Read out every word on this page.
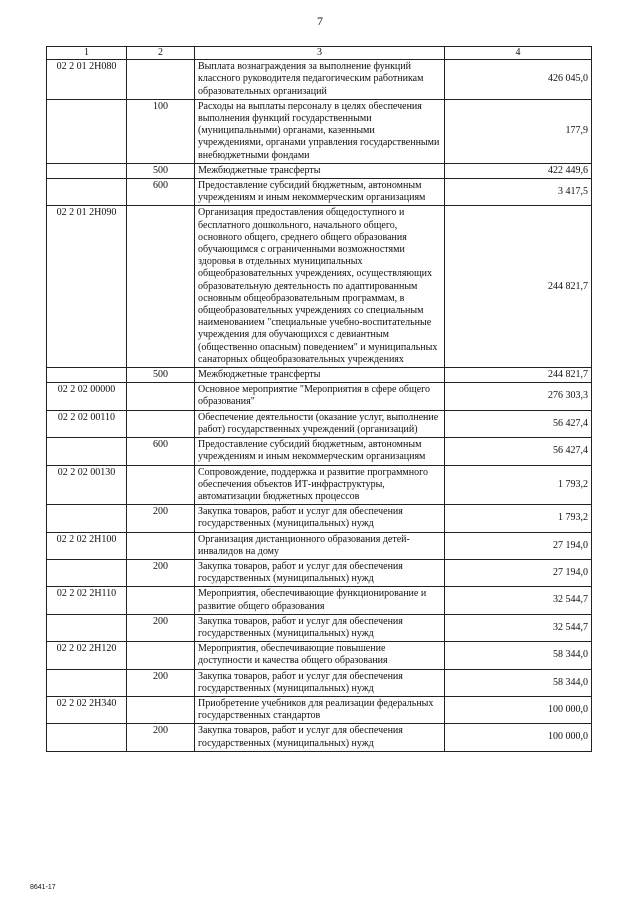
7
1	2	3	4
02 2 01 2Н080		Выплата вознаграждения за выполнение функций классного руководителя педагогическим работникам образовательных организаций	426 045,0
	100	Расходы на выплаты персоналу в целях обеспечения выполнения функций государственными (муниципальными) органами, казенными учреждениями, органами управления государственными внебюджетными фондами	177,9
	500	Межбюджетные трансферты	422 449,6
	600	Предоставление субсидий бюджетным, автономным учреждениям и иным некоммерческим организациям	3 417,5
02 2 01 2Н090		Организация предоставления общедоступного и бесплатного дошкольного, начального общего, основного общего, среднего общего образования обучающимся с ограниченными возможностями здоровья в отдельных муниципальных общеобразовательных учреждениях, осуществляющих образовательную деятельность по адаптированным основным общеобразовательным программам, в общеобразовательных учреждениях со специальным наименованием "специальные учебно-воспитательные учреждения для обучающихся с девиантным (общественно опасным) поведением" и муниципальных санаторных общеобразовательных учреждениях	244 821,7
	500	Межбюджетные трансферты	244 821,7
02 2 02 00000		Основное мероприятие "Мероприятия в сфере общего образования"	276 303,3
02 2 02 00110		Обеспечение деятельности (оказание услуг, выполнение работ) государственных учреждений (организаций)	56 427,4
	600	Предоставление субсидий бюджетным, автономным учреждениям и иным некоммерческим организациям	56 427,4
02 2 02 00130		Сопровождение, поддержка и развитие программного обеспечения объектов ИТ-инфраструктуры, автоматизации бюджетных процессов	1 793,2
	200	Закупка товаров, работ и услуг для обеспечения государственных (муниципальных) нужд	1 793,2
02 2 02 2Н100		Организация дистанционного образования детей-инвалидов на дому	27 194,0
	200	Закупка товаров, работ и услуг для обеспечения государственных (муниципальных) нужд	27 194,0
02 2 02 2Н110		Мероприятия, обеспечивающие функционирование и развитие общего образования	32 544,7
	200	Закупка товаров, работ и услуг для обеспечения государственных (муниципальных) нужд	32 544,7
02 2 02 2Н120		Мероприятия, обеспечивающие повышение доступности и качества общего образования	58 344,0
	200	Закупка товаров, работ и услуг для обеспечения государственных (муниципальных) нужд	58 344,0
02 2 02 2Н340		Приобретение учебников для реализации федеральных государственных стандартов	100 000,0
	200	Закупка товаров, работ и услуг для обеспечения государственных (муниципальных) нужд	100 000,0
8641-17
